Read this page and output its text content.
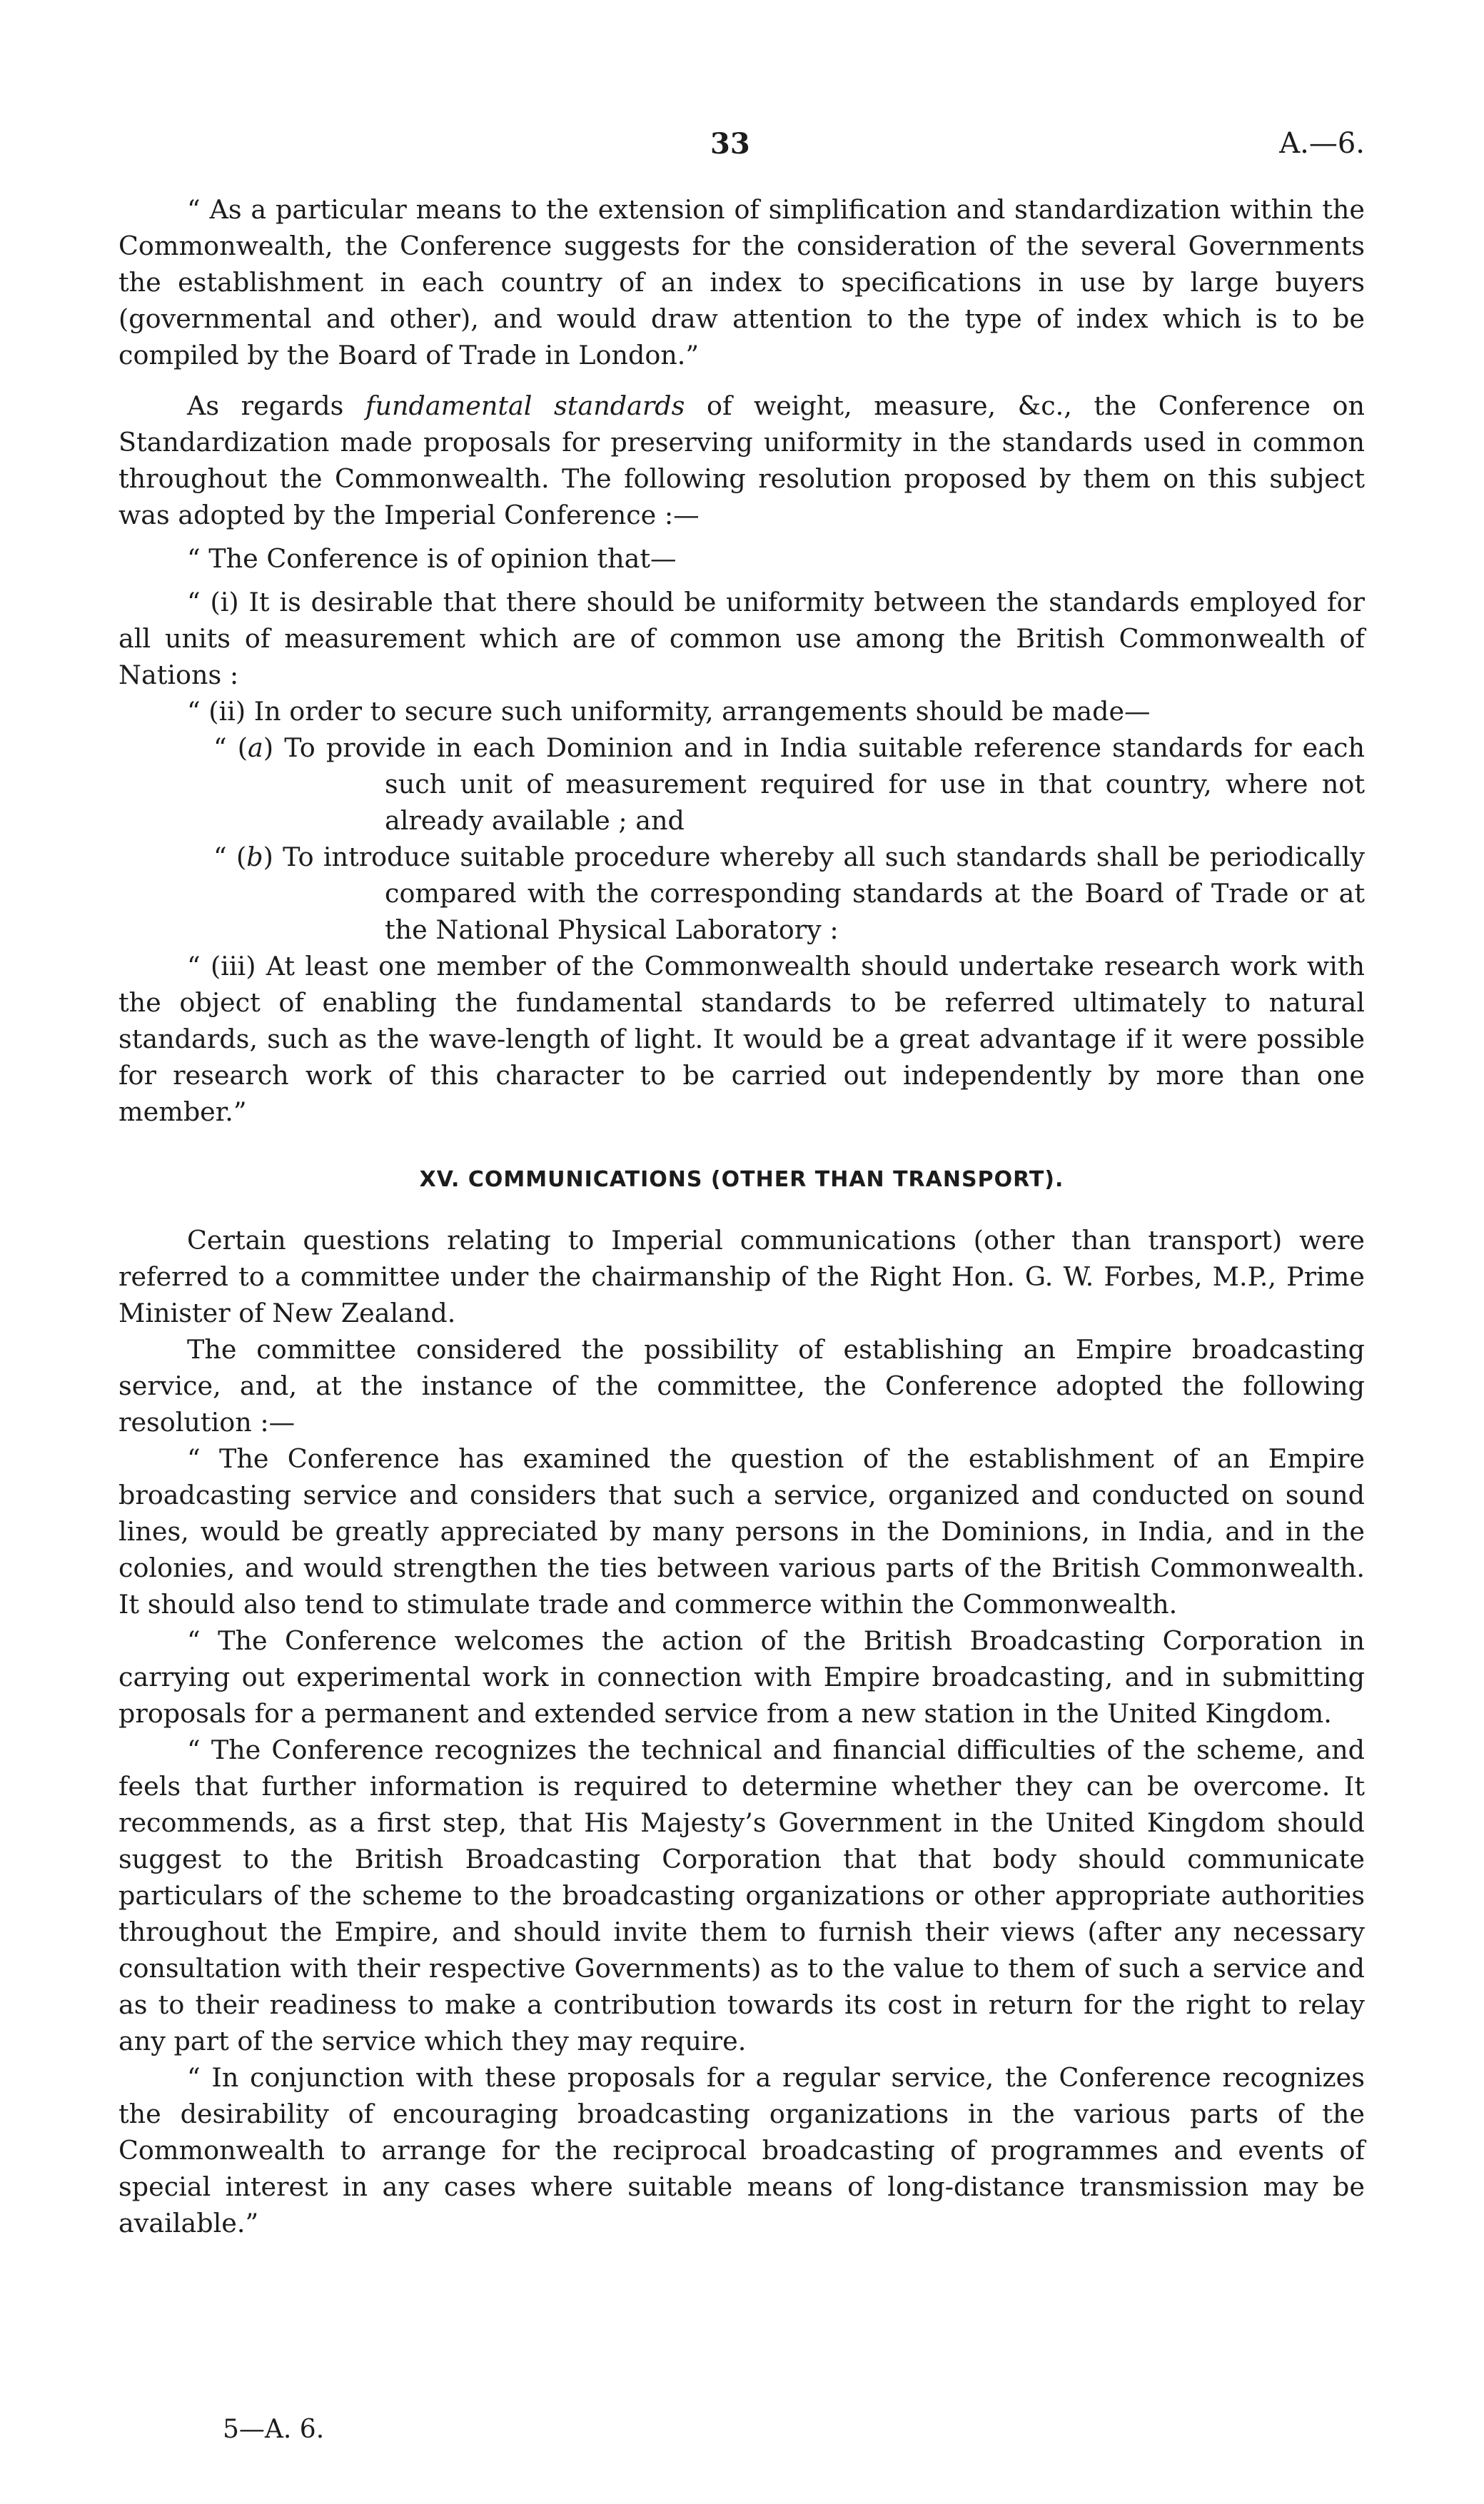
33	A.—6.

“ As a particular means to the extension of simplification and standardization within the Commonwealth, the Conference suggests for the consideration of the several Governments the establishment in each country of an index to specifications in use by large buyers (governmental and other), and would draw attention to the type of index which is to be compiled by the Board of Trade in London.”

As regards fundamental standards of weight, measure, &c., the Conference on Standardization made proposals for preserving uniformity in the standards used in common throughout the Commonwealth. The following resolution proposed by them on this subject was adopted by the Imperial Conference :—

“ The Conference is of opinion that—

“ (i) It is desirable that there should be uniformity between the standards employed for all units of measurement which are of common use among the British Commonwealth of Nations :

“ (ii) In order to secure such uniformity, arrangements should be made—

“ (a) To provide in each Dominion and in India suitable reference standards for each such unit of measurement required for use in that country, where not already available ; and

“ (b) To introduce suitable procedure whereby all such standards shall be periodically compared with the corresponding standards at the Board of Trade or at the National Physical Laboratory :

“ (iii) At least one member of the Commonwealth should undertake research work with the object of enabling the fundamental standards to be referred ultimately to natural standards, such as the wave-length of light. It would be a great advantage if it were possible for research work of this character to be carried out independently by more than one member.”

XV. COMMUNICATIONS (OTHER THAN TRANSPORT).

Certain questions relating to Imperial communications (other than transport) were referred to a committee under the chairmanship of the Right Hon. G. W. Forbes, M.P., Prime Minister of New Zealand.

The committee considered the possibility of establishing an Empire broadcasting service, and, at the instance of the committee, the Conference adopted the following resolution :—

“ The Conference has examined the question of the establishment of an Empire broadcasting service and considers that such a service, organized and conducted on sound lines, would be greatly appreciated by many persons in the Dominions, in India, and in the colonies, and would strengthen the ties between various parts of the British Commonwealth. It should also tend to stimulate trade and commerce within the Commonwealth.

“ The Conference welcomes the action of the British Broadcasting Corporation in carrying out experimental work in connection with Empire broadcasting, and in submitting proposals for a permanent and extended service from a new station in the United Kingdom.

“ The Conference recognizes the technical and financial difficulties of the scheme, and feels that further information is required to determine whether they can be overcome. It recommends, as a first step, that His Majesty’s Government in the United Kingdom should suggest to the British Broadcasting Corporation that that body should communicate particulars of the scheme to the broadcasting organizations or other appropriate authorities throughout the Empire, and should invite them to furnish their views (after any necessary consultation with their respective Governments) as to the value to them of such a service and as to their readiness to make a contribution towards its cost in return for the right to relay any part of the service which they may require.

“ In conjunction with these proposals for a regular service, the Conference recognizes the desirability of encouraging broadcasting organizations in the various parts of the Commonwealth to arrange for the reciprocal broadcasting of programmes and events of special interest in any cases where suitable means of long-distance transmission may be available.”

5—A. 6.
